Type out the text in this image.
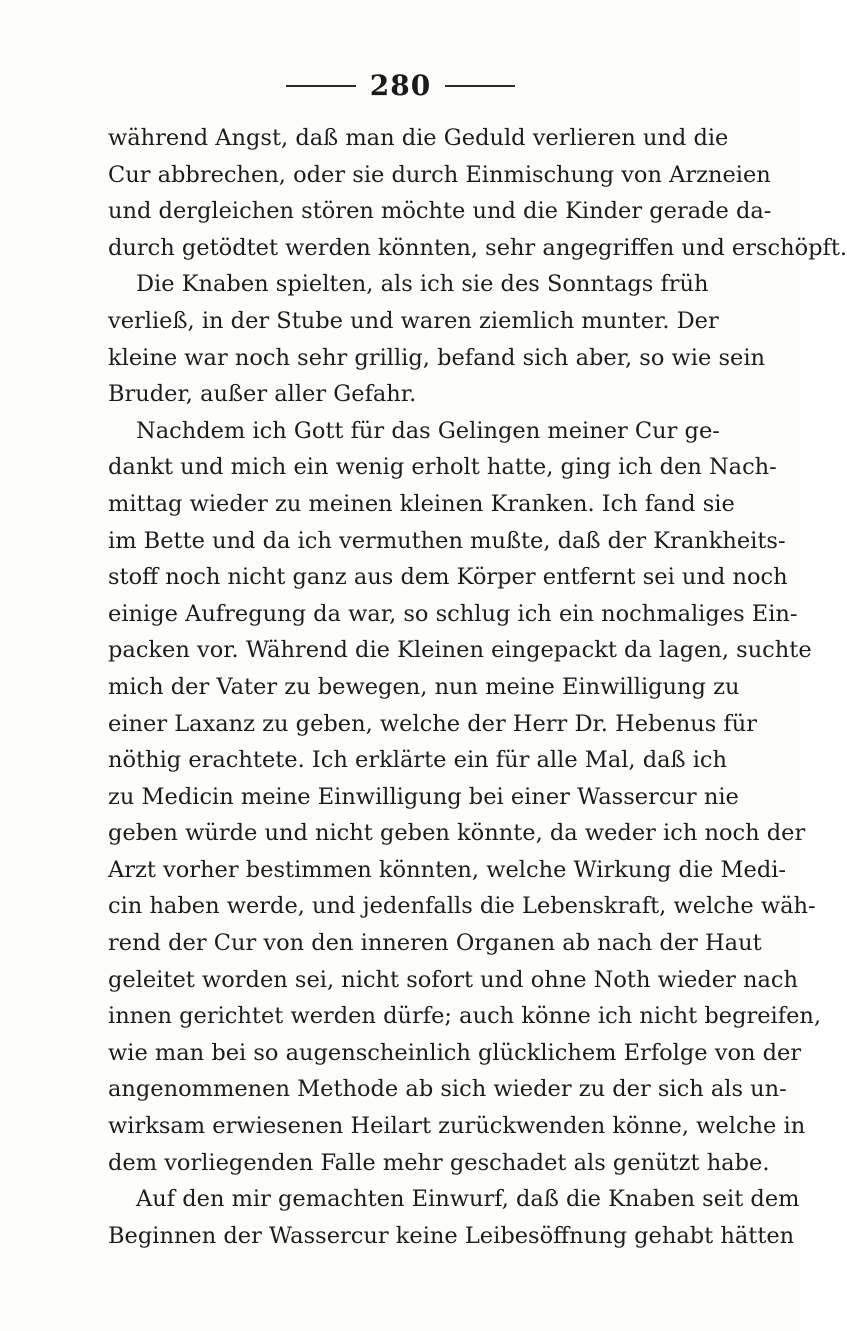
280
während Angst, daß man die Geduld verlieren und die
Cur abbrechen, oder sie durch Einmischung von Arzneien
und dergleichen stören möchte und die Kinder gerade da-
durch getödtet werden könnten, sehr angegriffen und erschöpft.
Die Knaben spielten, als ich sie des Sonntags früh
verließ, in der Stube und waren ziemlich munter. Der
kleine war noch sehr grillig, befand sich aber, so wie sein
Bruder, außer aller Gefahr.
Nachdem ich Gott für das Gelingen meiner Cur ge-
dankt und mich ein wenig erholt hatte, ging ich den Nach-
mittag wieder zu meinen kleinen Kranken. Ich fand sie
im Bette und da ich vermuthen mußte, daß der Krankheits-
stoff noch nicht ganz aus dem Körper entfernt sei und noch
einige Aufregung da war, so schlug ich ein nochmaliges Ein-
packen vor. Während die Kleinen eingepackt da lagen, suchte
mich der Vater zu bewegen, nun meine Einwilligung zu
einer Laxanz zu geben, welche der Herr Dr. Hebenus für
nöthig erachtete. Ich erklärte ein für alle Mal, daß ich
zu Medicin meine Einwilligung bei einer Wassercur nie
geben würde und nicht geben könnte, da weder ich noch der
Arzt vorher bestimmen könnten, welche Wirkung die Medi-
cin haben werde, und jedenfalls die Lebenskraft, welche wäh-
rend der Cur von den inneren Organen ab nach der Haut
geleitet worden sei, nicht sofort und ohne Noth wieder nach
innen gerichtet werden dürfe; auch könne ich nicht begreifen,
wie man bei so augenscheinlich glücklichem Erfolge von der
angenommenen Methode ab sich wieder zu der sich als un-
wirksam erwiesenen Heilart zurückwenden könne, welche in
dem vorliegenden Falle mehr geschadet als genützt habe.
Auf den mir gemachten Einwurf, daß die Knaben seit dem
Beginnen der Wassercur keine Leibesöffnung gehabt hätten
